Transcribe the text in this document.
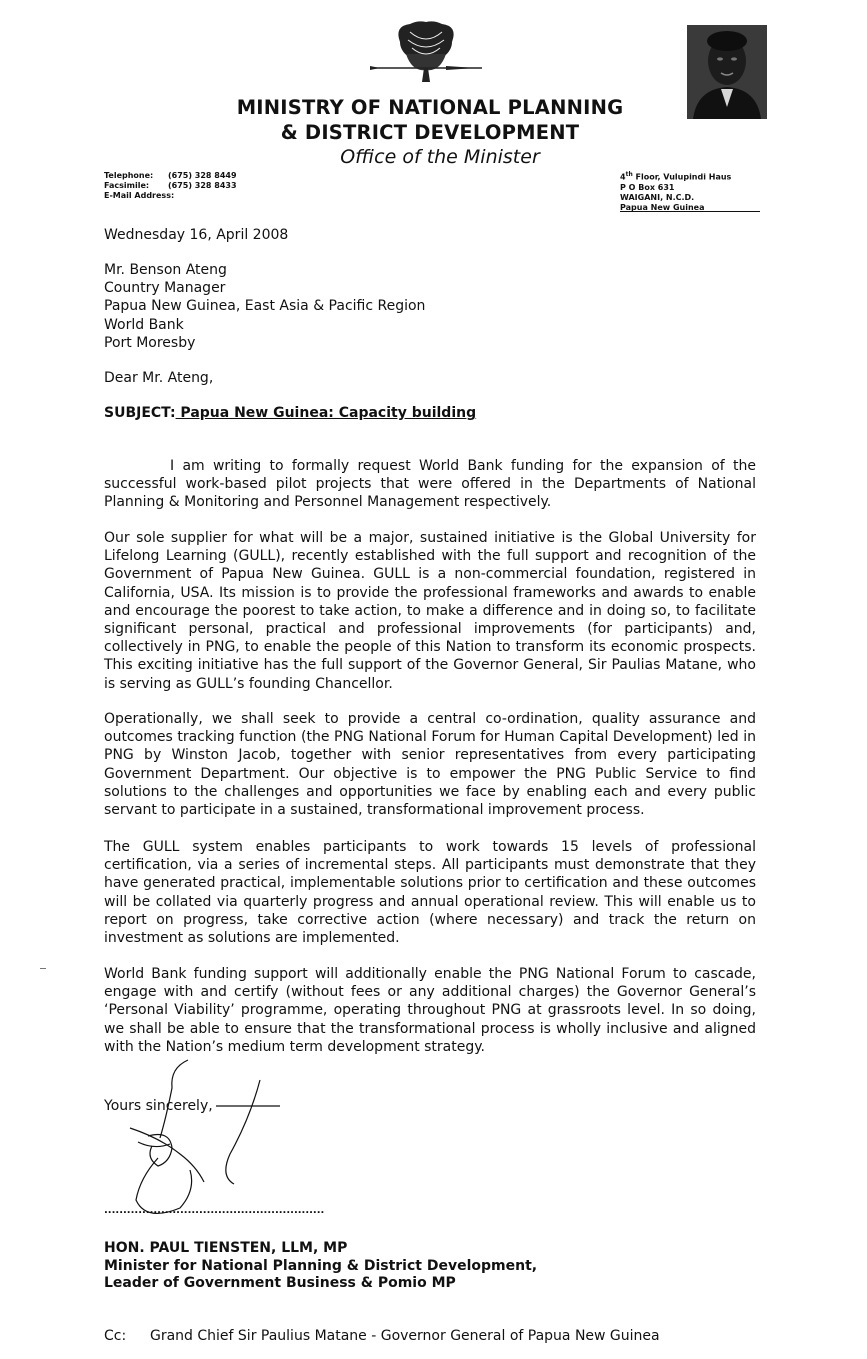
MINISTRY OF NATIONAL PLANNING
& DISTRICT DEVELOPMENT
Office of the Minister
Telephone: (675) 328 8449
Facsimile: (675) 328 8433
E-Mail Address:
4th Floor, Vulupindi Haus
P O Box 631
WAIGANI, N.C.D.
Papua New Guinea
Wednesday 16, April 2008
Mr. Benson Ateng
Country Manager
Papua New Guinea, East Asia & Pacific Region
World Bank
Port Moresby
Dear Mr. Ateng,
SUBJECT: Papua New Guinea: Capacity building
I am writing to formally request World Bank funding for the expansion of the successful work-based pilot projects that were offered in the Departments of National Planning & Monitoring and Personnel Management respectively.
Our sole supplier for what will be a major, sustained initiative is the Global University for Lifelong Learning (GULL), recently established with the full support and recognition of the Government of Papua New Guinea. GULL is a non-commercial foundation, registered in California, USA. Its mission is to provide the professional frameworks and awards to enable and encourage the poorest to take action, to make a difference and in doing so, to facilitate significant personal, practical and professional improvements (for participants) and, collectively in PNG, to enable the people of this Nation to transform its economic prospects. This exciting initiative has the full support of the Governor General, Sir Paulias Matane, who is serving as GULL’s founding Chancellor.
Operationally, we shall seek to provide a central co-ordination, quality assurance and outcomes tracking function (the PNG National Forum for Human Capital Development) led in PNG by Winston Jacob, together with senior representatives from every participating Government Department. Our objective is to empower the PNG Public Service to find solutions to the challenges and opportunities we face by enabling each and every public servant to participate in a sustained, transformational improvement process.
The GULL system enables participants to work towards 15 levels of professional certification, via a series of incremental steps. All participants must demonstrate that they have generated practical, implementable solutions prior to certification and these outcomes will be collated via quarterly progress and annual operational review. This will enable us to report on progress, take corrective action (where necessary) and track the return on investment as solutions are implemented.
World Bank funding support will additionally enable the PNG National Forum to cascade, engage with and certify (without fees or any additional charges) the Governor General’s ‘Personal Viability’ programme, operating throughout PNG at grassroots level. In so doing, we shall be able to ensure that the transformational process is wholly inclusive and aligned with the Nation’s medium term development strategy.
Yours sincerely,
..........................................................
HON. PAUL TIENSTEN, LLM, MP
Minister for National Planning & District Development,
Leader of Government Business & Pomio MP
Cc: Grand Chief Sir Paulius Matane - Governor General of Papua New Guinea
